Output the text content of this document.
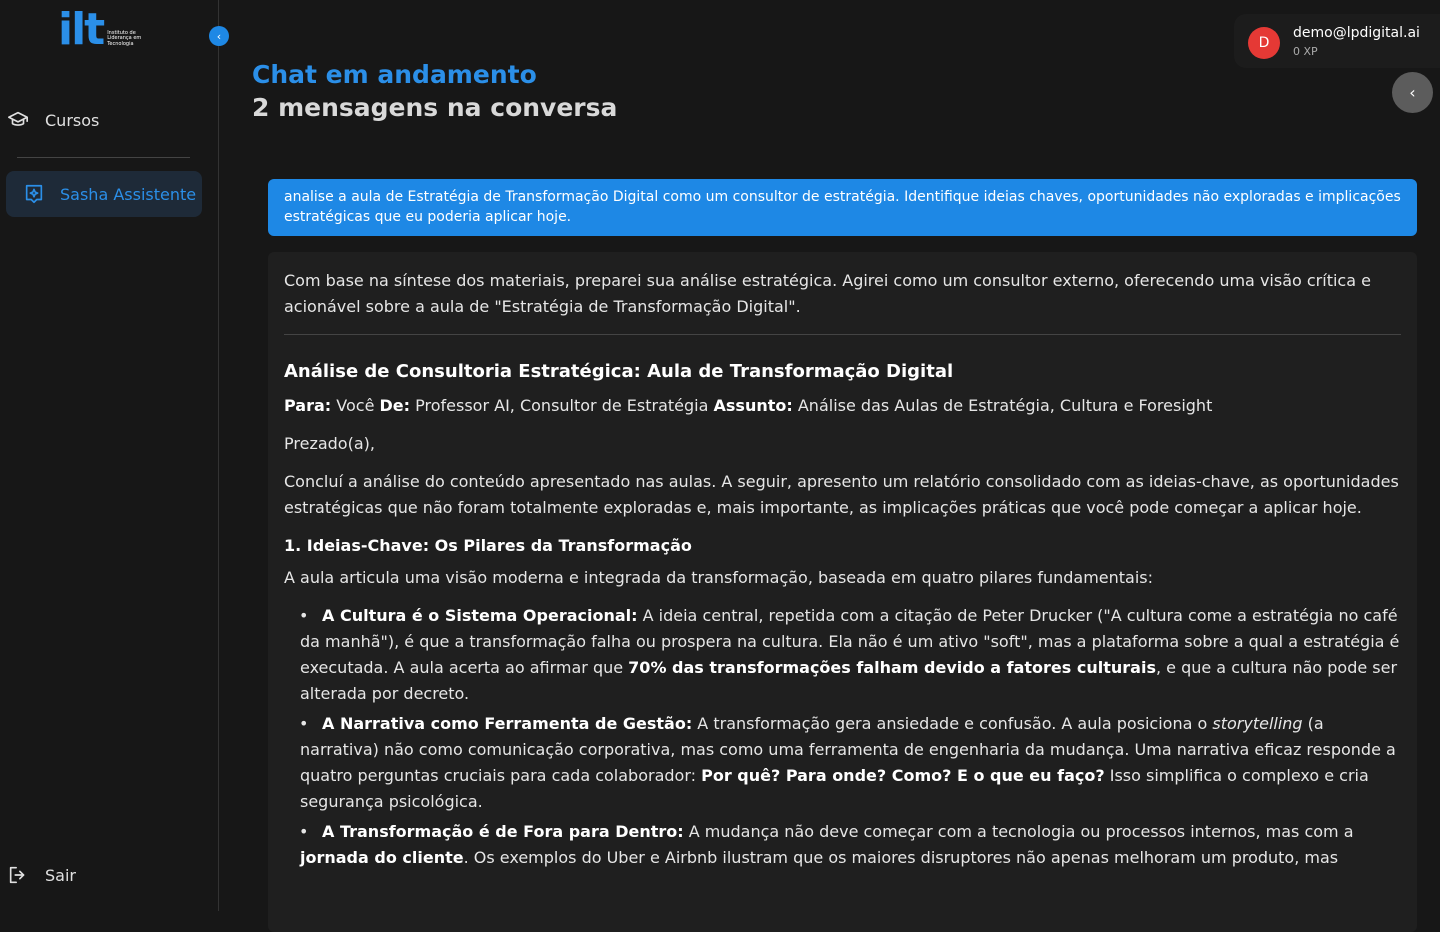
ilt Instituto de Liderança em Tecnologia
Cursos
Sasha Assistente
Sair
‹
Chat em andamento
2 mensagens na conversa
D
demo@lpdigital.ai
0 XP
‹
analise a aula de Estratégia de Transformação Digital como um consultor de estratégia. Identifique ideias chaves, oportunidades não exploradas e implicações estratégicas que eu poderia aplicar hoje.

Com base na síntese dos materiais, preparei sua análise estratégica. Agirei como um consultor externo, oferecendo uma visão crítica e acionável sobre a aula de "Estratégia de Transformação Digital".

Análise de Consultoria Estratégica: Aula de Transformação Digital

Para: Você De: Professor AI, Consultor de Estratégia Assunto: Análise das Aulas de Estratégia, Cultura e Foresight

Prezado(a),

Concluí a análise do conteúdo apresentado nas aulas. A seguir, apresento um relatório consolidado com as ideias-chave, as oportunidades estratégicas que não foram totalmente exploradas e, mais importante, as implicações práticas que você pode começar a aplicar hoje.

1. Ideias-Chave: Os Pilares da Transformação

A aula articula uma visão moderna e integrada da transformação, baseada em quatro pilares fundamentais:

• A Cultura é o Sistema Operacional: A ideia central, repetida com a citação de Peter Drucker ("A cultura come a estratégia no café da manhã"), é que a transformação falha ou prospera na cultura. Ela não é um ativo "soft", mas a plataforma sobre a qual a estratégia é executada. A aula acerta ao afirmar que 70% das transformações falham devido a fatores culturais, e que a cultura não pode ser alterada por decreto.
• A Narrativa como Ferramenta de Gestão: A transformação gera ansiedade e confusão. A aula posiciona o storytelling (a narrativa) não como comunicação corporativa, mas como uma ferramenta de engenharia da mudança. Uma narrativa eficaz responde a quatro perguntas cruciais para cada colaborador: Por quê? Para onde? Como? E o que eu faço? Isso simplifica o complexo e cria segurança psicológica.
• A Transformação é de Fora para Dentro: A mudança não deve começar com a tecnologia ou processos internos, mas com a jornada do cliente. Os exemplos do Uber e Airbnb ilustram que os maiores disruptores não apenas melhoram um produto, mas
